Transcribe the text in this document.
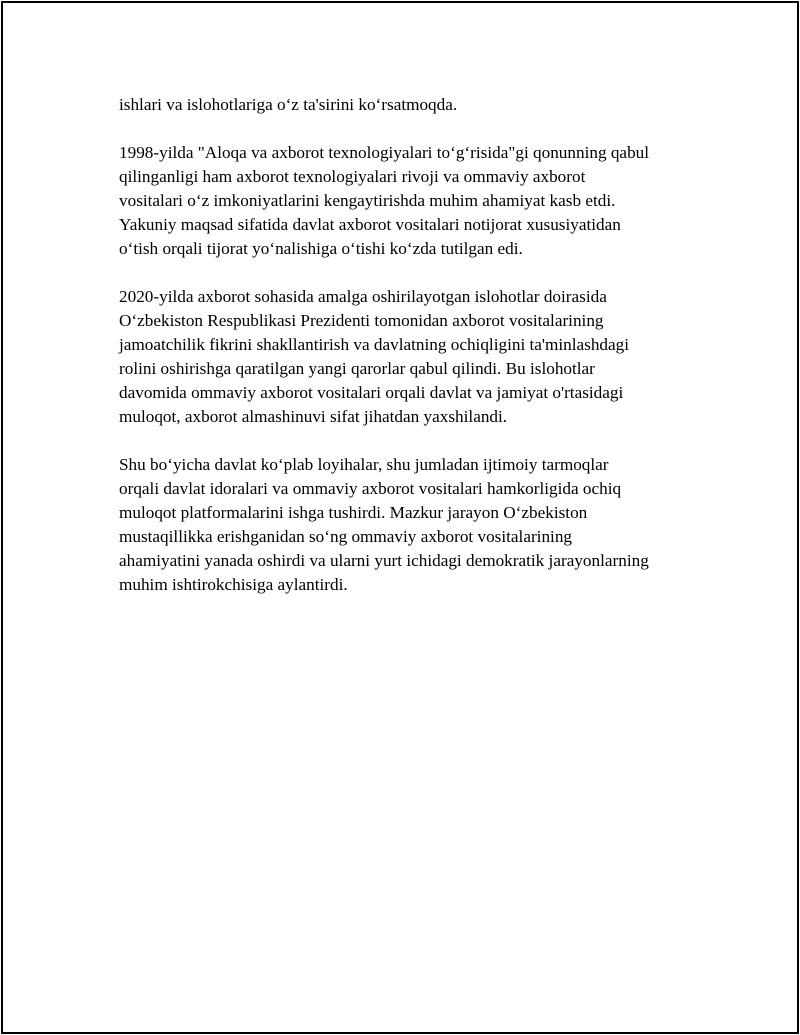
ishlari va islohotlariga o‘z ta'sirini ko‘rsatmoqda.

1998-yilda "Aloqa va axborot texnologiyalari to‘g‘risida"gi qonunning qabul
qilinganligi ham axborot texnologiyalari rivoji va ommaviy axborot
vositalari o‘z imkoniyatlarini kengaytirishda muhim ahamiyat kasb etdi.
Yakuniy maqsad sifatida davlat axborot vositalari notijorat xususiyatidan
o‘tish orqali tijorat yo‘nalishiga o‘tishi ko‘zda tutilgan edi.

2020-yilda axborot sohasida amalga oshirilayotgan islohotlar doirasida
O‘zbekiston Respublikasi Prezidenti tomonidan axborot vositalarining
jamoatchilik fikrini shakllantirish va davlatning ochiqligini ta'minlashdagi
rolini oshirishga qaratilgan yangi qarorlar qabul qilindi. Bu islohotlar
davomida ommaviy axborot vositalari orqali davlat va jamiyat o'rtasidagi
muloqot, axborot almashinuvi sifat jihatdan yaxshilandi.

Shu bo‘yicha davlat ko‘plab loyihalar, shu jumladan ijtimoiy tarmoqlar
orqali davlat idoralari va ommaviy axborot vositalari hamkorligida ochiq
muloqot platformalarini ishga tushirdi. Mazkur jarayon O‘zbekiston
mustaqillikka erishganidan so‘ng ommaviy axborot vositalarining
ahamiyatini yanada oshirdi va ularni yurt ichidagi demokratik jarayonlarning
muhim ishtirokchisiga aylantirdi.
